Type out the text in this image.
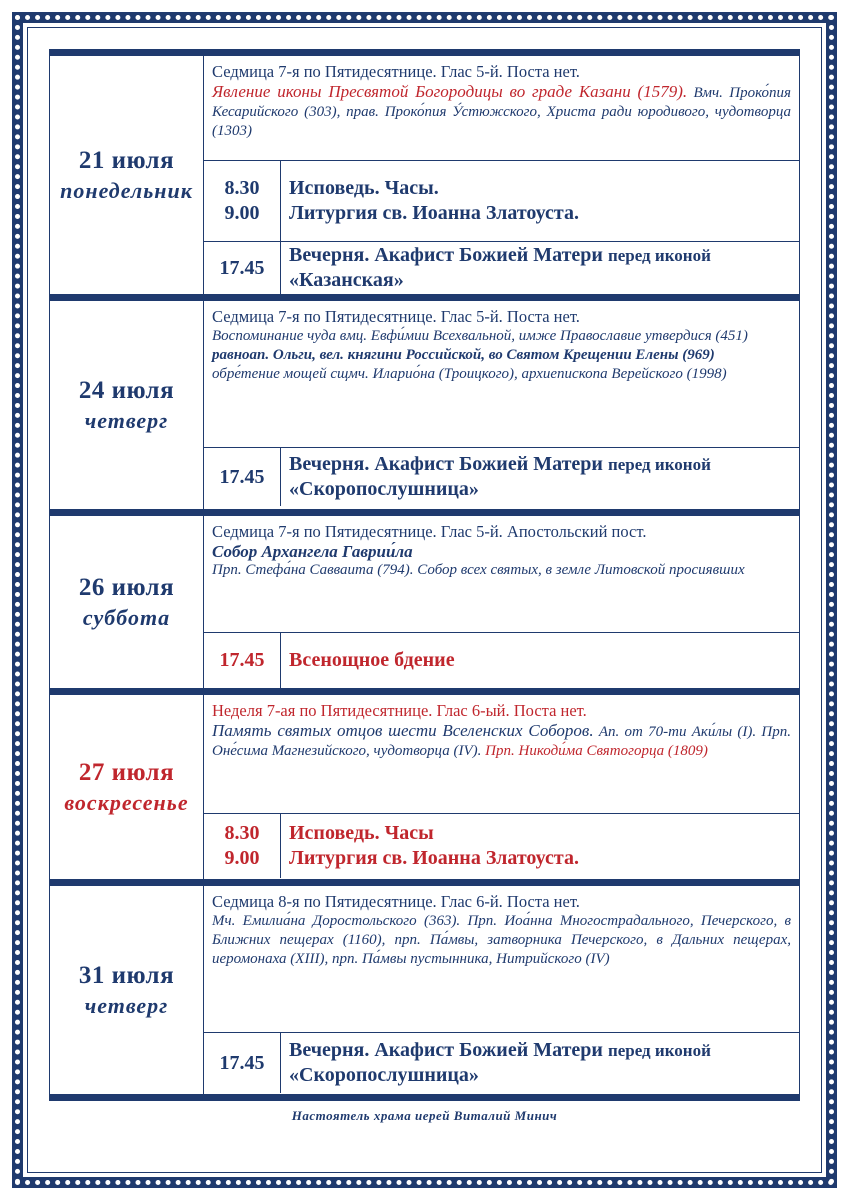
21 июля
понедельник
Седмица 7-я по Пятидесятнице. Глас 5-й. Поста нет.
Явление иконы Пресвятой Богородицы во граде Казани (1579). Вмч. Проко́пия Кесарийского (303), прав. Проко́пия У́стюжского, Христа ради юродивого, чудотворца (1303)
8.30
9.00
Исповедь. Часы.
Литургия св. Иоанна Златоуста.
17.45
Вечерня. Акафист Божией Матери перед иконой
«Казанская»
24 июля
четверг
Седмица 7-я по Пятидесятнице. Глас 5-й. Поста нет.
Воспоминание чуда вмц. Евфи́мии Всехвальной, имже Православие утвердися (451)
равноап. Ольги, вел. княгини Российской, во Святом Крещении Елены (969)
обре́тение мощей сщмч. Иларио́на (Троицкого), архиепископа Верейского (1998)
17.45
Вечерня. Акафист Божией Матери перед иконой
«Скоропослушница»
26 июля
суббота
Седмица 7-я по Пятидесятнице. Глас 5-й. Апостольский пост.
Собор Архангела Гаврии́ла
Прп. Стефа́на Савваита (794). Собор всех святых, в земле Литовской просиявших
17.45 Всенощное бдение
27 июля
воскресенье
Неделя 7-ая по Пятидесятнице. Глас 6-ый. Поста нет.
Память святых отцов шести Вселенских Соборов. Ап. от 70-ти Аки́лы (I). Прп. Оне́сима Магнезийского, чудотворца (IV). Прп. Никоди́ма Святогорца (1809)
8.30
9.00
Исповедь. Часы
Литургия св. Иоанна Златоуста.
31 июля
четверг
Седмица 8-я по Пятидесятнице. Глас 6-й. Поста нет.
Мч. Емилиа́на Доростольского (363). Прп. Иоа́нна Многострадального, Печерского, в Ближних пещерах (1160), прп. Па́мвы, затворника Печерского, в Дальних пещерах, иеромонаха (XIII), прп. Па́мвы пустынника, Нитрийского (IV)
17.45
Вечерня. Акафист Божией Матери перед иконой
«Скоропослушница»
Настоятель храма иерей Виталий Минич
